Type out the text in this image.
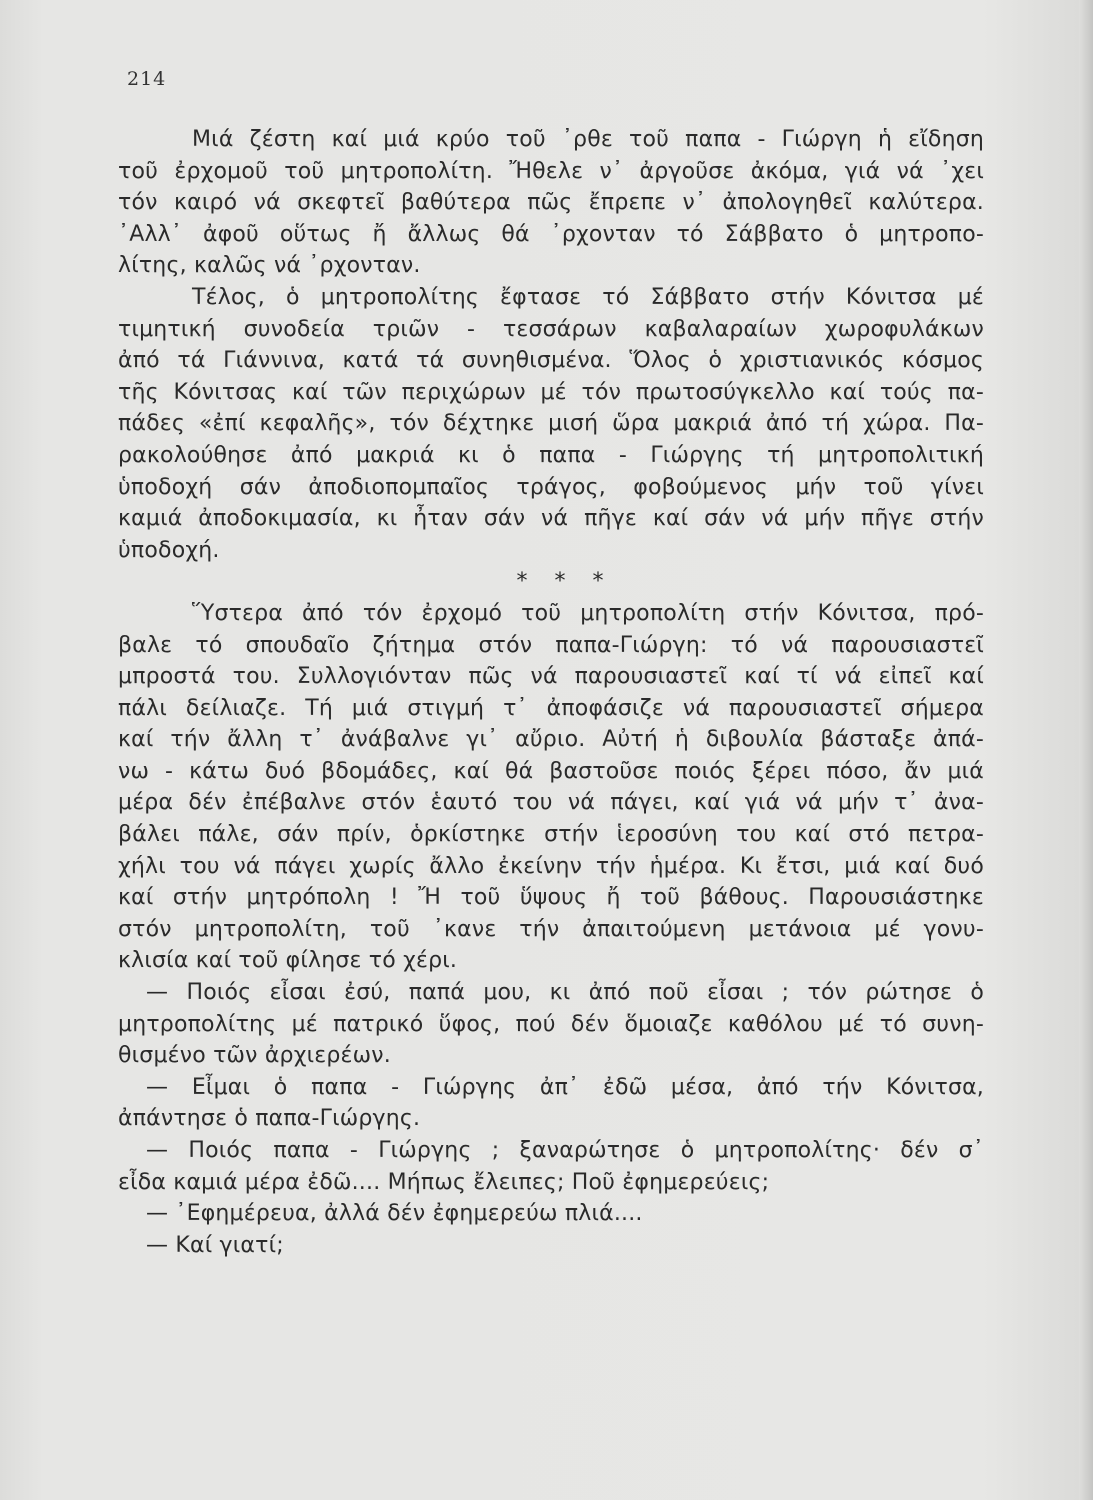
214
Μιά ζέστη καί μιά κρύο τοῦ ᾿ρθε τοῦ παπα - Γιώργη ἡ εἴδηση
τοῦ ἐρχομοῦ τοῦ μητροπολίτη. Ἤθελε ν᾿ ἀργοῦσε ἀκόμα, γιά νά ᾿χει
τόν καιρό νά σκεφτεῖ βαθύτερα πῶς ἔπρεπε ν᾿ ἀπολογηθεῖ καλύτερα.
᾿Αλλ᾿ ἀφοῦ οὕτως ἤ ἄλλως θά ᾿ρχονταν τό Σάββατο ὁ μητροπο-
λίτης, καλῶς νά ᾿ρχονταν.
Τέλος, ὁ μητροπολίτης ἔφτασε τό Σάββατο στήν Κόνιτσα μέ
τιμητική συνοδεία τριῶν - τεσσάρων καβαλαραίων χωροφυλάκων
ἀπό τά Γιάννινα, κατά τά συνηθισμένα. Ὅλος ὁ χριστιανικός κόσμος
τῆς Κόνιτσας καί τῶν περιχώρων μέ τόν πρωτοσύγκελλο καί τούς πα-
πάδες «ἐπί κεφαλῆς», τόν δέχτηκε μισή ὥρα μακριά ἀπό τή χώρα. Πα-
ρακολούθησε ἀπό μακριά κι ὁ παπα - Γιώργης τή μητροπολιτική
ὑποδοχή σάν ἀποδιοπομπαῖος τράγος, φοβούμενος μήν τοῦ γίνει
καμιά ἀποδοκιμασία, κι ἦταν σάν νά πῆγε καί σάν νά μήν πῆγε στήν
ὑποδοχή.
* * *
Ὕστερα ἀπό τόν ἐρχομό τοῦ μητροπολίτη στήν Κόνιτσα, πρό-
βαλε τό σπουδαῖο ζήτημα στόν παπα-Γιώργη: τό νά παρουσιαστεῖ
μπροστά του. Συλλογιόνταν πῶς νά παρουσιαστεῖ καί τί νά εἰπεῖ καί
πάλι δείλιαζε. Τή μιά στιγμή τ᾿ ἀποφάσιζε νά παρουσιαστεῖ σήμερα
καί τήν ἄλλη τ᾿ ἀνάβαλνε γι᾿ αὔριο. Αὐτή ἡ διβουλία βάσταξε ἀπά-
νω - κάτω δυό βδομάδες, καί θά βαστοῦσε ποιός ξέρει πόσο, ἄν μιά
μέρα δέν ἐπέβαλνε στόν ἑαυτό του νά πάγει, καί γιά νά μήν τ᾿ ἀνα-
βάλει πάλε, σάν πρίν, ὁρκίστηκε στήν ἱεροσύνη του καί στό πετρα-
χήλι του νά πάγει χωρίς ἄλλο ἐκείνην τήν ἡμέρα. Κι ἔτσι, μιά καί δυό
καί στήν μητρόπολη ! Ἤ τοῦ ὕψους ἤ τοῦ βάθους. Παρουσιάστηκε
στόν μητροπολίτη, τοῦ ᾿κανε τήν ἀπαιτούμενη μετάνοια μέ γονυ-
κλισία καί τοῦ φίλησε τό χέρι.
— Ποιός εἶσαι ἐσύ, παπά μου, κι ἀπό ποῦ εἶσαι ; τόν ρώτησε ὁ
μητροπολίτης μέ πατρικό ὕφος, πού δέν ὅμοιαζε καθόλου μέ τό συνη-
θισμένο τῶν ἀρχιερέων.
— Εἶμαι ὁ παπα - Γιώργης ἀπ᾿ ἐδῶ μέσα, ἀπό τήν Κόνιτσα,
ἀπάντησε ὁ παπα-Γιώργης.
— Ποιός παπα - Γιώργης ; ξαναρώτησε ὁ μητροπολίτης· δέν σ᾿
εἶδα καμιά μέρα ἐδῶ.... Μήπως ἔλειπες; Ποῦ ἐφημερεύεις;
— ᾿Εφημέρευα, ἀλλά δέν ἐφημερεύω πλιά....
— Καί γιατί;
